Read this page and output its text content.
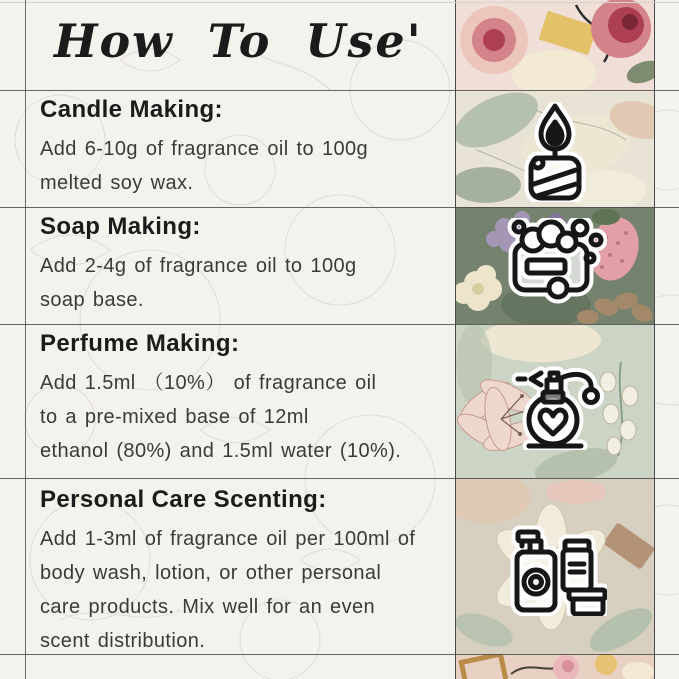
How To Use'
Candle Making:

Add 6-10g of fragrance oil to 100g

melted soy wax.

Soap Making:

Add 2-4g of fragrance oil to 100g

soap base.

Perfume Making:

Add 1.5ml （10%） of fragrance oil

to a pre-mixed base of 12ml

ethanol (80%) and 1.5ml water (10%).

Personal Care Scenting:

Add 1-3ml of fragrance oil per 100ml of

body wash, lotion, or other personal

care products. Mix well for an even

scent distribution.
